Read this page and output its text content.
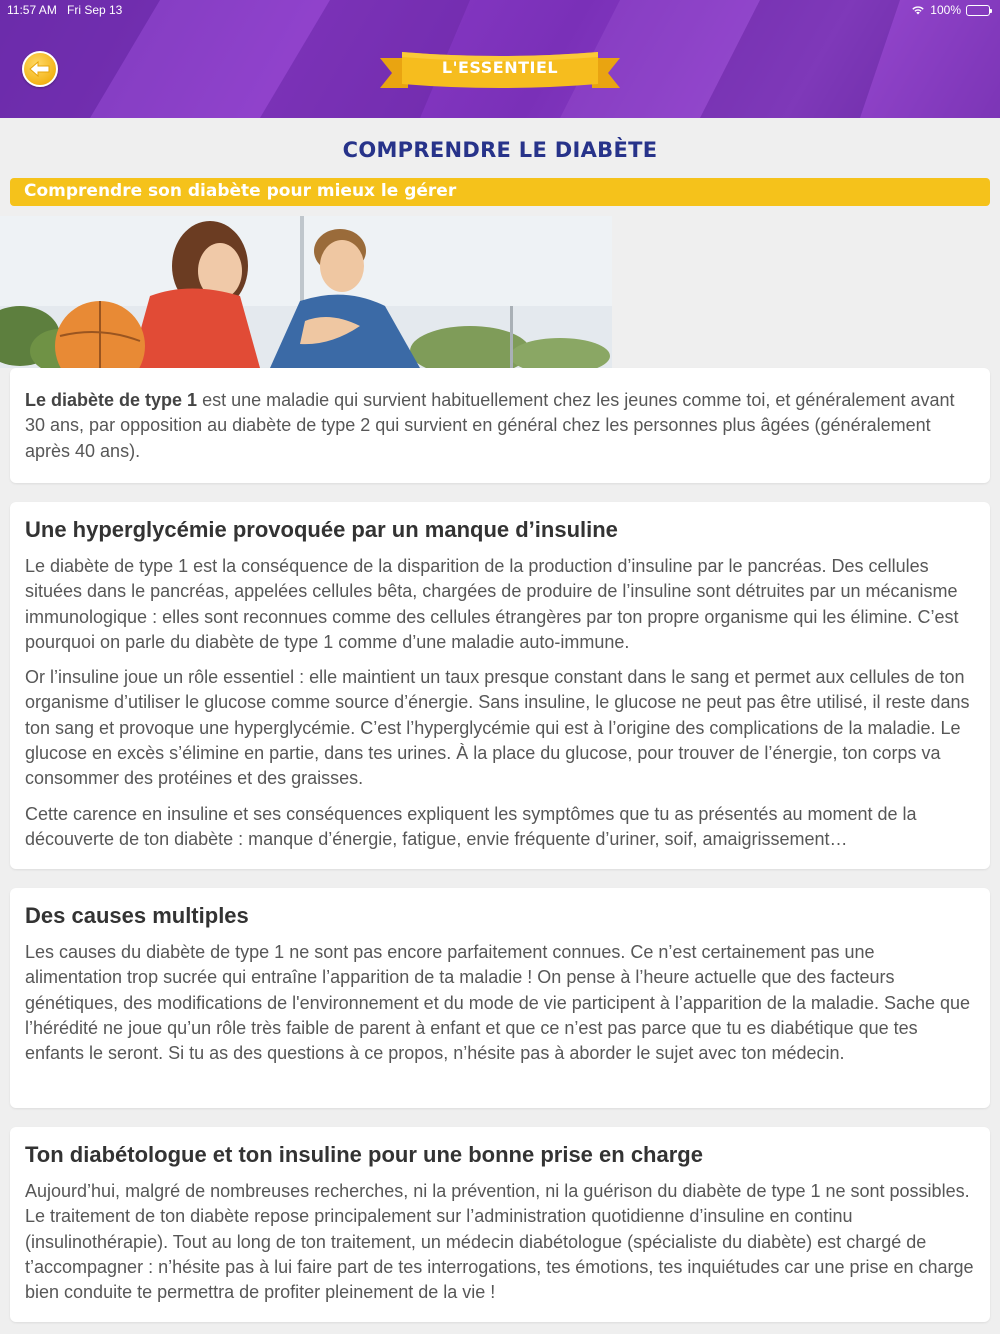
11:57 AM Fri Sep 13	100%
L'ESSENTIEL
COMPRENDRE LE DIABÈTE
Comprendre son diabète pour mieux le gérer

Le diabète de type 1 est une maladie qui survient habituellement chez les jeunes comme toi, et généralement avant 30 ans, par opposition au diabète de type 2 qui survient en général chez les personnes plus âgées (généralement après 40 ans).

Une hyperglycémie provoquée par un manque d’insuline

Le diabète de type 1 est la conséquence de la disparition de la production d’insuline par le pancréas. Des cellules situées dans le pancréas, appelées cellules bêta, chargées de produire de l’insuline sont détruites par un mécanisme immunologique : elles sont reconnues comme des cellules étrangères par ton propre organisme qui les élimine. C’est pourquoi on parle du diabète de type 1 comme d’une maladie auto-immune.

Or l’insuline joue un rôle essentiel : elle maintient un taux presque constant dans le sang et permet aux cellules de ton organisme d’utiliser le glucose comme source d’énergie. Sans insuline, le glucose ne peut pas être utilisé, il reste dans ton sang et provoque une hyperglycémie. C’est l’hyperglycémie qui est à l’origine des complications de la maladie. Le glucose en excès s’élimine en partie, dans tes urines. À la place du glucose, pour trouver de l’énergie, ton corps va consommer des protéines et des graisses.

Cette carence en insuline et ses conséquences expliquent les symptômes que tu as présentés au moment de la découverte de ton diabète : manque d’énergie, fatigue, envie fréquente d’uriner, soif, amaigrissement…

Des causes multiples

Les causes du diabète de type 1 ne sont pas encore parfaitement connues. Ce n’est certainement pas une alimentation trop sucrée qui entraîne l’apparition de ta maladie ! On pense à l’heure actuelle que des facteurs génétiques, des modifications de l'environnement et du mode de vie participent à l’apparition de la maladie. Sache que l’hérédité ne joue qu’un rôle très faible de parent à enfant et que ce n’est pas parce que tu es diabétique que tes enfants le seront. Si tu as des questions à ce propos, n’hésite pas à aborder le sujet avec ton médecin.

Ton diabétologue et ton insuline pour une bonne prise en charge

Aujourd’hui, malgré de nombreuses recherches, ni la prévention, ni la guérison du diabète de type 1 ne sont possibles. Le traitement de ton diabète repose principalement sur l’administration quotidienne d’insuline en continu (insulinothérapie). Tout au long de ton traitement, un médecin diabétologue (spécialiste du diabète) est chargé de t’accompagner : n’hésite pas à lui faire part de tes interrogations, tes émotions, tes inquiétudes car une prise en charge bien conduite te permettra de profiter pleinement de la vie !
